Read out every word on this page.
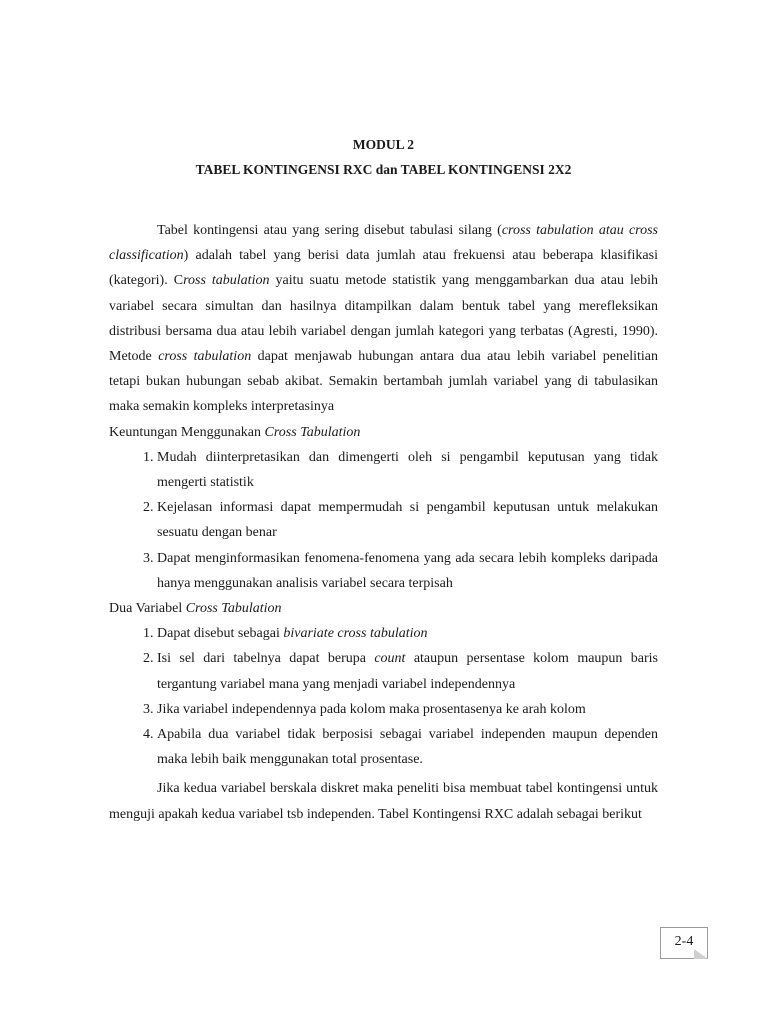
MODUL 2
TABEL KONTINGENSI RXC dan TABEL KONTINGENSI 2X2

Tabel kontingensi atau yang sering disebut tabulasi silang (cross tabulation atau cross classification) adalah tabel yang berisi data jumlah atau frekuensi atau beberapa klasifikasi (kategori). Cross tabulation yaitu suatu metode statistik yang menggambarkan dua atau lebih variabel secara simultan dan hasilnya ditampilkan dalam bentuk tabel yang merefleksikan distribusi bersama dua atau lebih variabel dengan jumlah kategori yang terbatas (Agresti, 1990). Metode cross tabulation dapat menjawab hubungan antara dua atau lebih variabel penelitian tetapi bukan hubungan sebab akibat. Semakin bertambah jumlah variabel yang di tabulasikan maka semakin kompleks interpretasinya

Keuntungan Menggunakan Cross Tabulation

1. Mudah diinterpretasikan dan dimengerti oleh si pengambil keputusan yang tidak mengerti statistik
2. Kejelasan informasi dapat mempermudah si pengambil keputusan untuk melakukan sesuatu dengan benar
3. Dapat menginformasikan fenomena-fenomena yang ada secara lebih kompleks daripada hanya menggunakan analisis variabel secara terpisah

Dua Variabel Cross Tabulation

1. Dapat disebut sebagai bivariate cross tabulation
2. Isi sel dari tabelnya dapat berupa count ataupun persentase kolom maupun baris tergantung variabel mana yang menjadi variabel independennya
3. Jika variabel independennya pada kolom maka prosentasenya ke arah kolom
4. Apabila dua variabel tidak berposisi sebagai variabel independen maupun dependen maka lebih baik menggunakan total prosentase.

Jika kedua variabel berskala diskret maka peneliti bisa membuat tabel kontingensi untuk menguji apakah kedua variabel tsb independen. Tabel Kontingensi RXC adalah sebagai berikut

2-4
